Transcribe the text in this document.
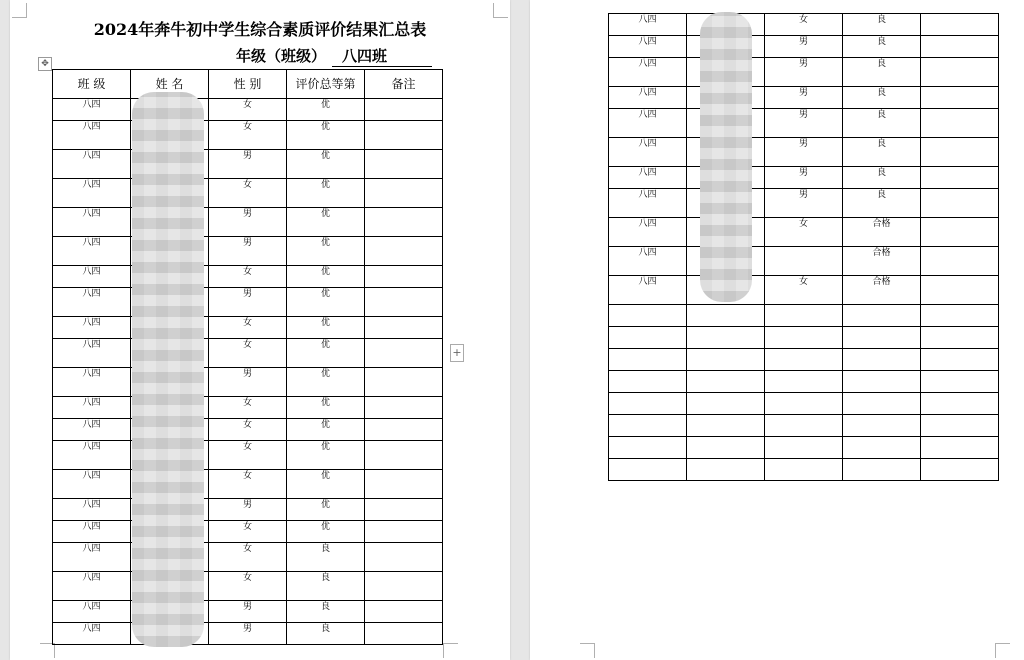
2024年奔牛初中学生综合素质评价结果汇总表
年级（班级） 八四班
✥
+
班 级	姓 名	性 别	评价总等第	备注
八四		女	优	
八四		女	优	
八四		男	优	
八四		女	优	
八四		男	优	
八四		男	优	
八四		女	优	
八四		男	优	
八四		女	优	
八四		女	优	
八四		男	优	
八四		女	优	
八四		女	优	
八四		女	优	
八四		女	优	
八四		男	优	
八四		女	优	
八四		女	良	
八四		女	良	
八四		男	良	
八四		男	良	
八四		女	良	
八四		男	良	
八四		男	良	
八四		男	良	
八四		男	良	
八四		男	良	
八四		男	良	
八四		男	良	
八四		女	合格	
八四			合格	
八四		女	合格	
